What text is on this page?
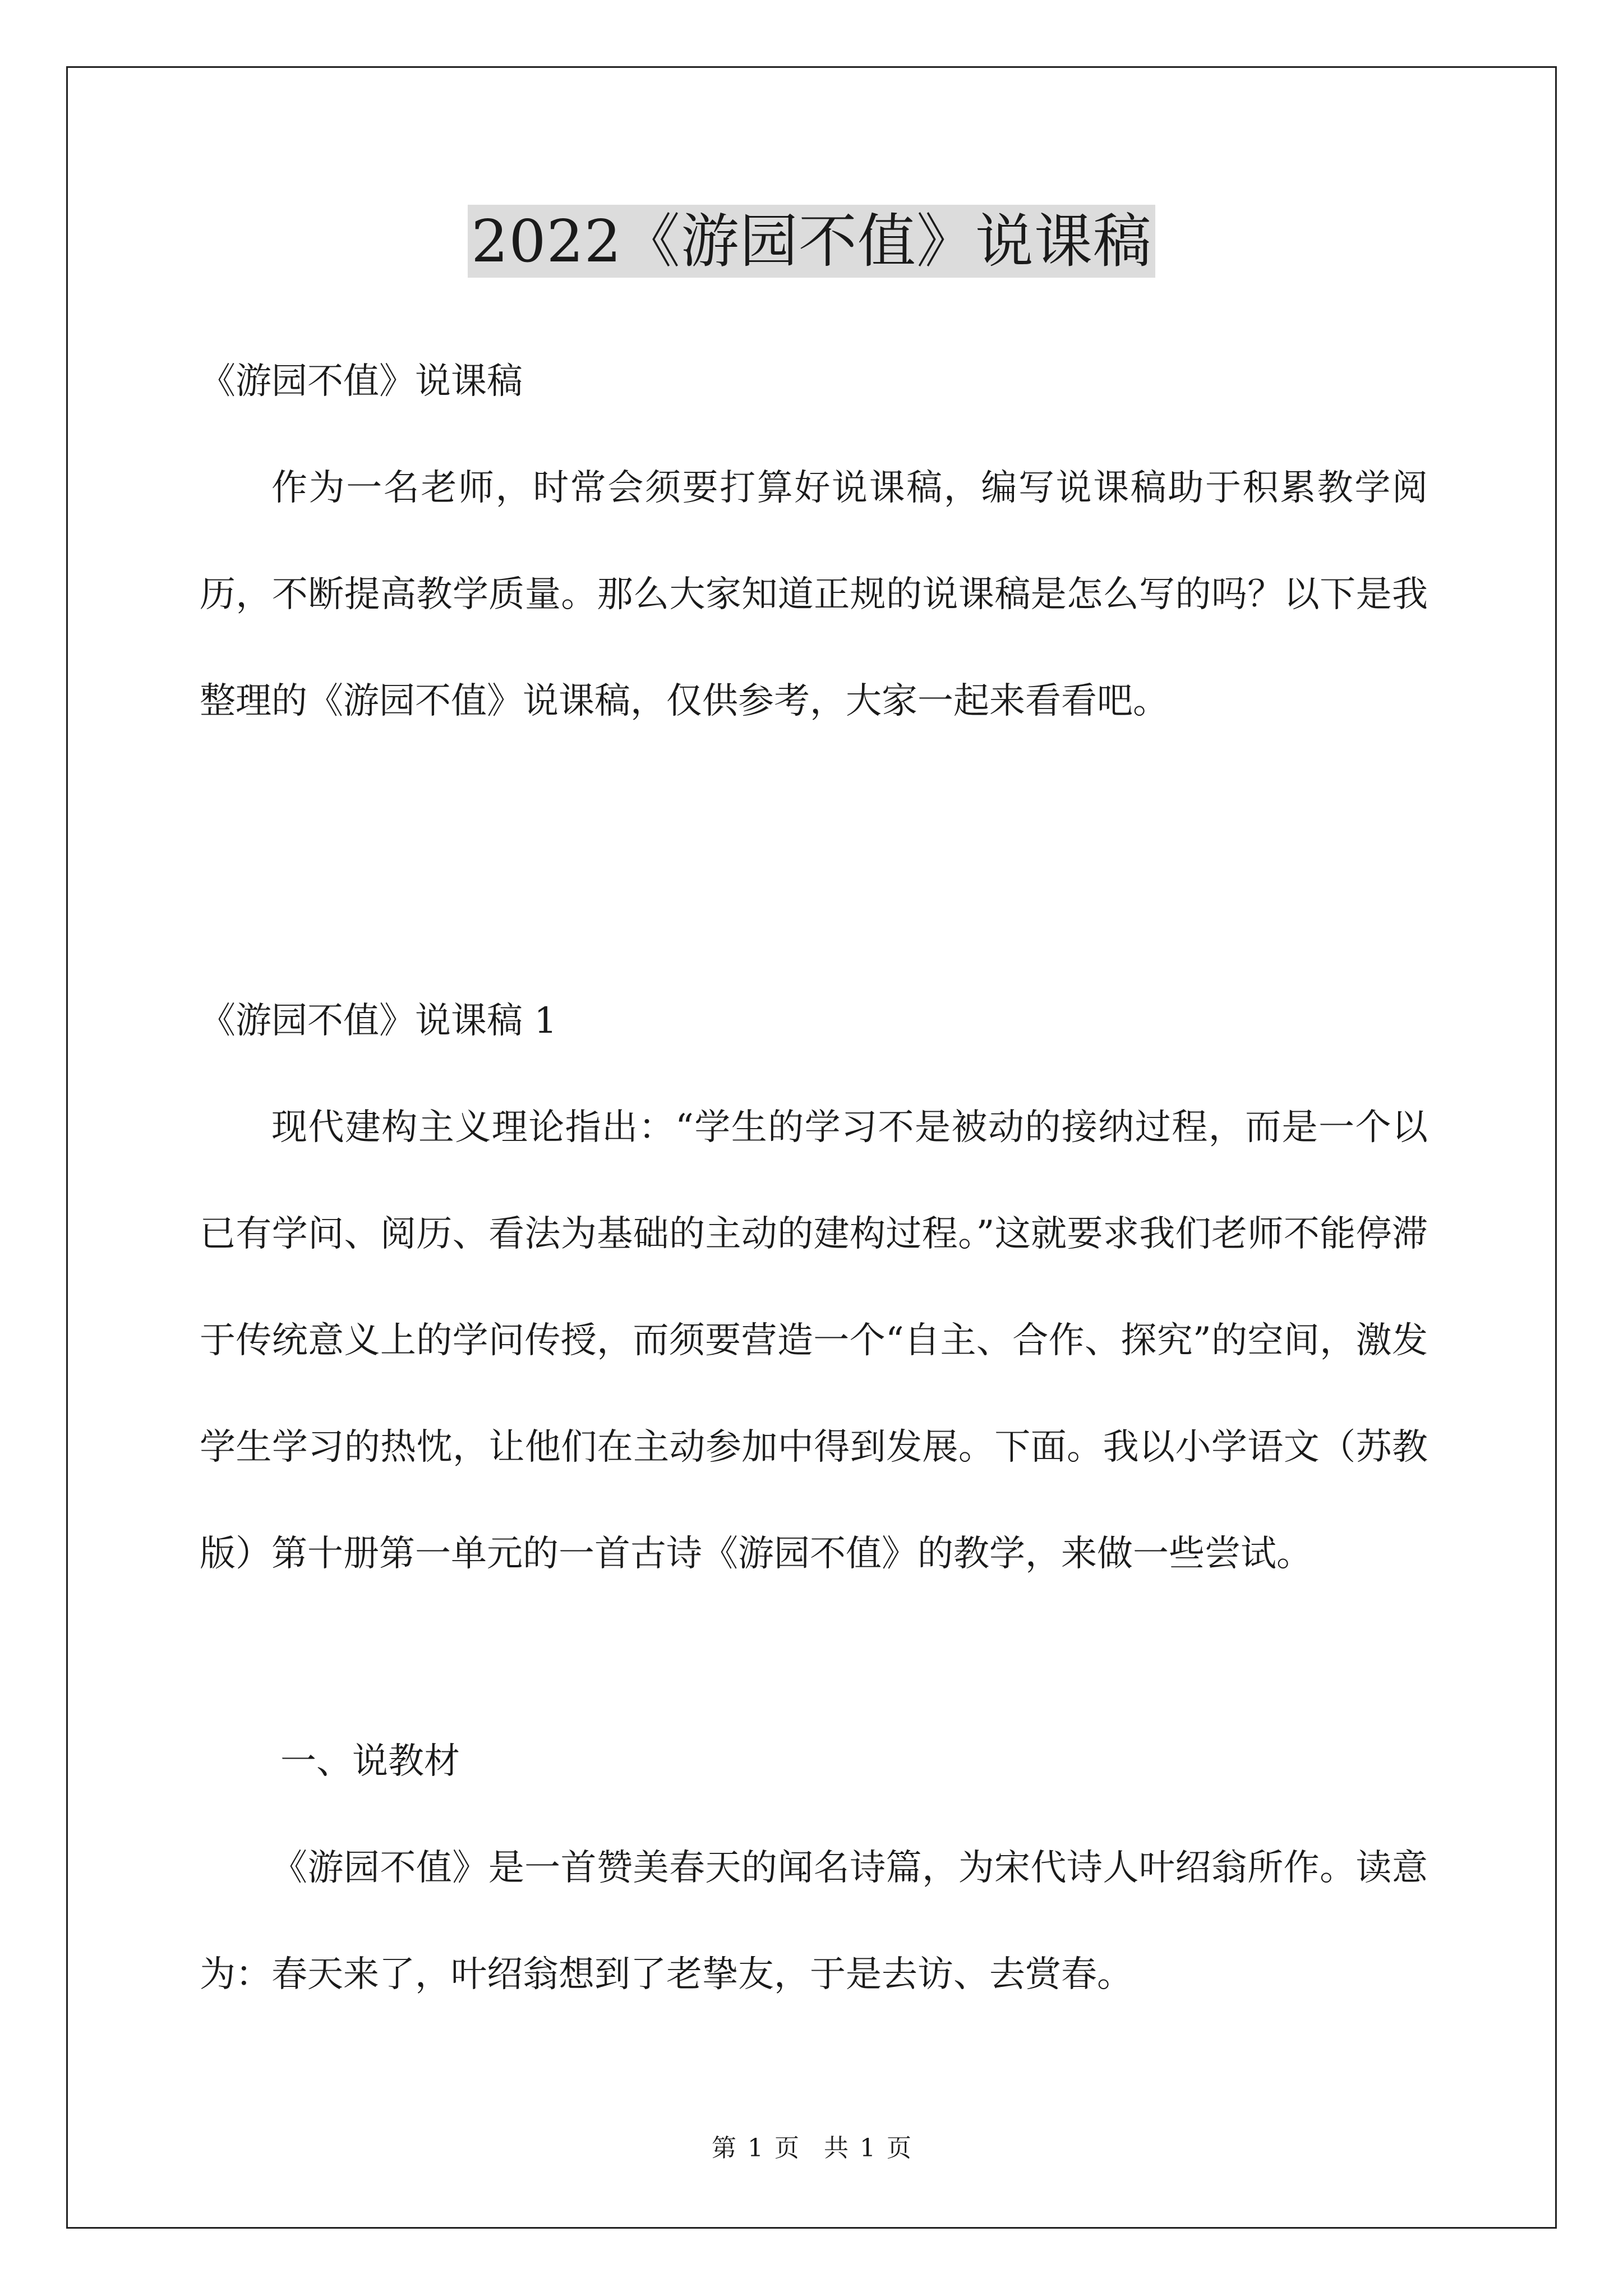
2022《游园不值》说课稿
《游园不值》说课稿
作为一名老师，时常会须要打算好说课稿，编写说课稿助于积累教学阅历，不断提高教学质量。那么大家知道正规的说课稿是怎么写的吗？以下是我整理的《游园不值》说课稿，仅供参考，大家一起来看看吧。
《游园不值》说课稿 1
现代建构主义理论指出：“学生的学习不是被动的接纳过程，而是一个以已有学问、阅历、看法为基础的主动的建构过程。”这就要求我们老师不能停滞于传统意义上的学问传授，而须要营造一个“自主、合作、探究”的空间，激发学生学习的热忱，让他们在主动参加中得到发展。下面。我以小学语文（苏教版）第十册第一单元的一首古诗《游园不值》的教学，来做一些尝试。
一、说教材
《游园不值》是一首赞美春天的闻名诗篇，为宋代诗人叶绍翁所作。读意为：春天来了，叶绍翁想到了老挚友，于是去访、去赏春。
第 1 页　共 1 页
